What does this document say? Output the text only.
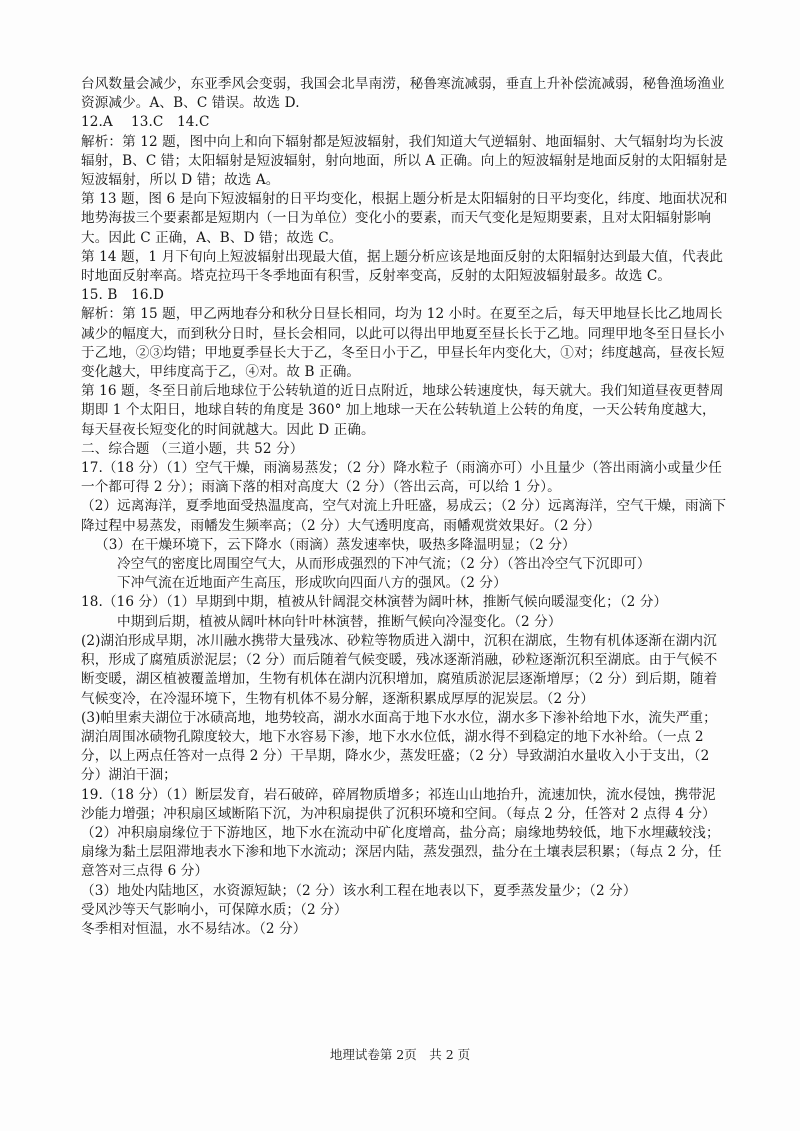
台风数量会减少，东亚季风会变弱，我国会北旱南涝，秘鲁寒流减弱，垂直上升补偿流减弱，秘鲁渔场渔业资源减少。A、B、C 错误。故选 D.

12.A　 13.C　14.C

解析：第 12 题，图中向上和向下辐射都是短波辐射，我们知道大气逆辐射、地面辐射、大气辐射均为长波辐射，B、C 错；太阳辐射是短波辐射，射向地面，所以 A 正确。向上的短波辐射是地面反射的太阳辐射是短波辐射，所以 D 错；故选 A。

第 13 题，图 6 是向下短波辐射的日平均变化，根据上题分析是太阳辐射的日平均变化，纬度、地面状况和地势海拔三个要素都是短期内（一日为单位）变化小的要素，而天气变化是短期要素，且对太阳辐射影响大。因此 C 正确，A、B、D 错；故选 C。

第 14 题，1 月下旬向上短波辐射出现最大值，据上题分析应该是地面反射的太阳辐射达到最大值，代表此时地面反射率高。塔克拉玛干冬季地面有积雪，反射率变高，反射的太阳短波辐射最多。故选 C。

15. B　16.D

解析：第 15 题，甲乙两地春分和秋分日昼长相同，均为 12 小时。在夏至之后，每天甲地昼长比乙地周长减少的幅度大，而到秋分日时，昼长会相同，以此可以得出甲地夏至昼长长于乙地。同理甲地冬至日昼长小于乙地，②③均错；甲地夏季昼长大于乙，冬至日小于乙，甲昼长年内变化大，①对；纬度越高，昼夜长短变化越大，甲纬度高于乙，④对。故 B 正确。

第 16 题，冬至日前后地球位于公转轨道的近日点附近，地球公转速度快，每天就大。我们知道昼夜更替周期即 1 个太阳日，地球自转的角度是 360° 加上地球一天在公转轨道上公转的角度，一天公转角度越大，每天昼夜长短变化的时间就越大。因此 D 正确。

二、综合题 （三道小题，共 52 分）

17.（18 分）（1）空气干燥，雨滴易蒸发；（2 分）降水粒子（雨滴亦可）小且量少（答出雨滴小或量少任一个都可得 2 分）；雨滴下落的相对高度大（2 分）（答出云高，可以给 1 分）。

（2）远离海洋，夏季地面受热温度高，空气对流上升旺盛，易成云；（2 分）远离海洋，空气干燥，雨滴下降过程中易蒸发，雨幡发生频率高；（2 分）大气透明度高，雨幡观赏效果好。（2 分）

（3）在干燥环境下，云下降水（雨滴）蒸发速率快，吸热多降温明显；（2 分）

冷空气的密度比周围空气大，从而形成强烈的下冲气流；（2 分）（答出冷空气下沉即可）

下冲气流在近地面产生高压，形成吹向四面八方的强风。（2 分）

18.（16 分）（1）早期到中期，植被从针阔混交林演替为阔叶林，推断气候向暖湿变化；（2 分）

中期到后期，植被从阔叶林向针叶林演替，推断气候向冷湿变化。（2 分）

(2)湖泊形成早期，冰川融水携带大量残冰、砂粒等物质进入湖中，沉积在湖底，生物有机体逐渐在湖内沉积，形成了腐殖质淤泥层；（2 分）而后随着气候变暖，残冰逐渐消融，砂粒逐渐沉积至湖底。由于气候不断变暖，湖区植被覆盖增加，生物有机体在湖内沉积增加，腐殖质淤泥层逐渐增厚；（2 分）到后期，随着气候变冷，在冷湿环境下，生物有机体不易分解，逐渐积累成厚厚的泥炭层。（2 分）

(3)帕里索夫湖位于冰碛高地，地势较高，湖水水面高于地下水水位，湖水多下渗补给地下水，流失严重；湖泊周围冰碛物孔隙度较大，地下水容易下渗，地下水水位低，湖水得不到稳定的地下水补给。（一点 2 分，以上两点任答对一点得 2 分）干旱期，降水少，蒸发旺盛；（2 分）导致湖泊水量收入小于支出，（2 分）湖泊干涸；

19.（18 分）（1）断层发育，岩石破碎，碎屑物质增多；祁连山山地抬升，流速加快，流水侵蚀，携带泥沙能力增强；冲积扇区域断陷下沉，为冲积扇提供了沉积环境和空间。（每点 2 分，任答对 2 点得 4 分）

（2）冲积扇扇缘位于下游地区，地下水在流动中矿化度增高，盐分高；扇缘地势较低，地下水埋藏较浅；扇缘为黏土层阻滞地表水下渗和地下水流动；深居内陆，蒸发强烈，盐分在土壤表层积累；（每点 2 分，任意答对三点得 6 分）

（3）地处内陆地区，水资源短缺；（2 分）该水利工程在地表以下，夏季蒸发量少；（2 分）

受风沙等天气影响小，可保障水质；（2 分）

冬季相对恒温，水不易结冰。（2 分）

地理试卷第 2页　共 2 页
